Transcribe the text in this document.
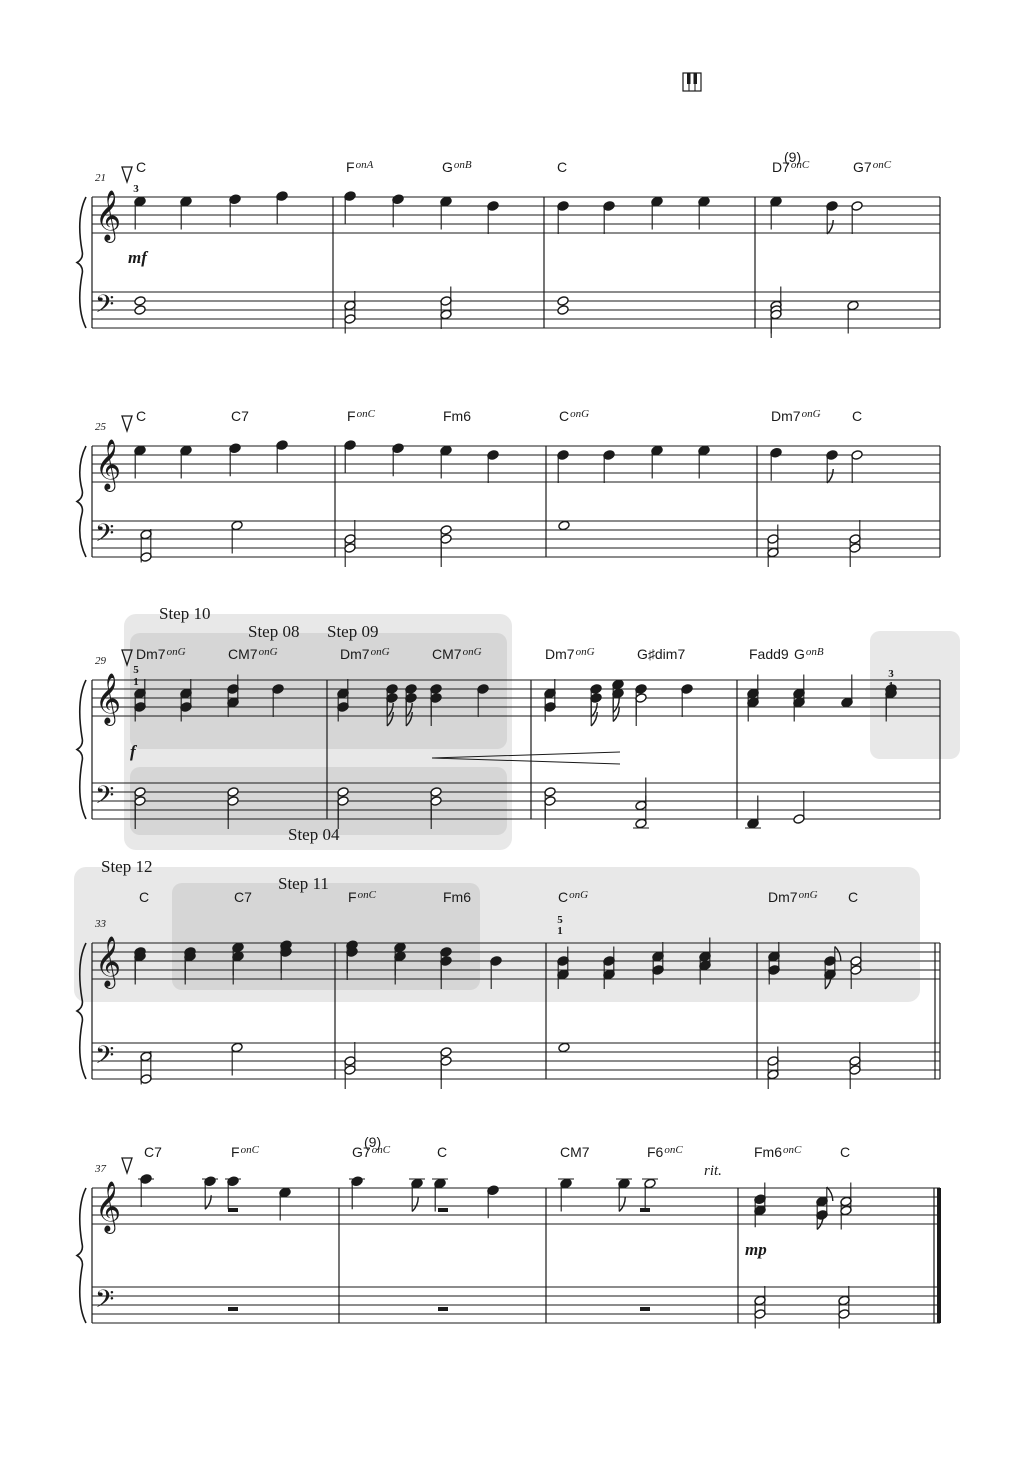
𝄞
𝄢
21
C	$F^{onA}$	$G^{onB}$	C	$D7^{onC}$
(9)
$G7^{onC}$
mf
3
𝄞
𝄢
25
C	C7	$F^{onC}$	Fm6	$C^{onG}$	$Dm7^{onG}$ C
𝄞
𝄢
29 $Dm7^{onG}$	$CM7^{onG}$	$Dm7^{onG}$	$CM7^{onG}$	$Dm7^{onG}$	G♯dim7	Fadd9 $G^{onB}$
Step 10
Step 08 Step 09
Step 04
f
5
1
3
𝄞
𝄢
33
C	C7	$F^{onC}$	Fm6	$C^{onG}$	$Dm7^{onG}$ C
Step 12
Step 11
5
1
𝄞
𝄢
37
C7	$F^{onC}$	$G7^{onC}$
(9)
C	CM7	$F6^{onC}$	$Fm6^{onC}$	C
mp
rit.
